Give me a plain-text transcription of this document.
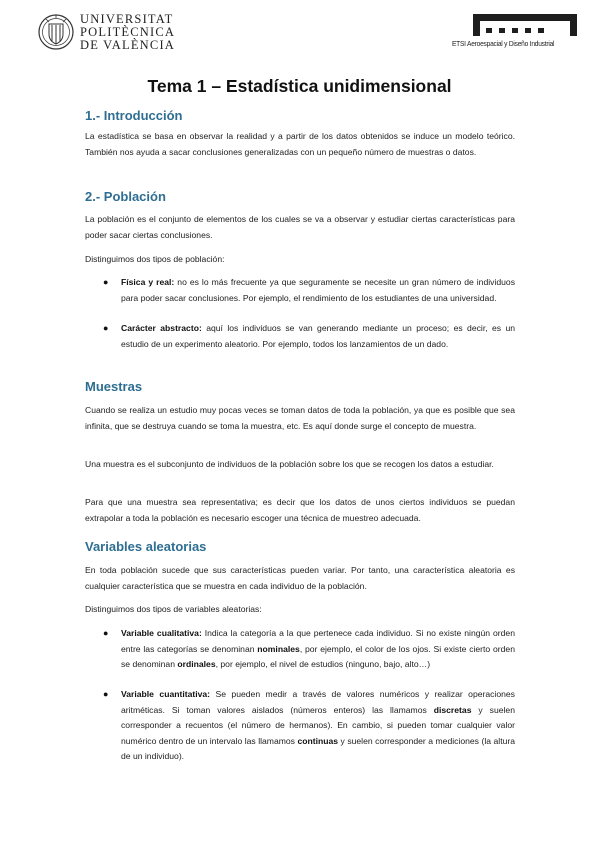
UNIVERSITAT
POLITÈCNICA
DE VALÈNCIA	ETSI Aeroespacial y Diseño Industrial
Tema 1 – Estadística unidimensional
1.- Introducción

La estadística se basa en observar la realidad y a partir de los datos obtenidos se induce un modelo teórico. También nos ayuda a sacar conclusiones generalizadas con un pequeño número de muestras o datos.

2.- Población

La población es el conjunto de elementos de los cuales se va a observar y estudiar ciertas características para poder sacar ciertas conclusiones.

Distinguimos dos tipos de población:

●	Física y real: no es lo más frecuente ya que seguramente se necesite un gran número de individuos para poder sacar conclusiones. Por ejemplo, el rendimiento de los estudiantes de una universidad.

●	Carácter abstracto: aquí los individuos se van generando mediante un proceso; es decir, es un estudio de un experimento aleatorio. Por ejemplo, todos los lanzamientos de un dado.

Muestras

Cuando se realiza un estudio muy pocas veces se toman datos de toda la población, ya que es posible que sea infinita, que se destruya cuando se toma la muestra, etc. Es aquí donde surge el concepto de muestra.

Una muestra es el subconjunto de individuos de la población sobre los que se recogen los datos a estudiar.

Para que una muestra sea representativa; es decir que los datos de unos ciertos individuos se puedan extrapolar a toda la población es necesario escoger una técnica de muestreo adecuada.

Variables aleatorias

En toda población sucede que sus características pueden variar. Por tanto, una característica aleatoria es cualquier característica que se muestra en cada individuo de la población.

Distinguimos dos tipos de variables aleatorias:

●	Variable cualitativa: Indica la categoría a la que pertenece cada individuo. Si no existe ningún orden entre las categorías se denominan nominales, por ejemplo, el color de los ojos. Si existe cierto orden se denominan ordinales, por ejemplo, el nivel de estudios (ninguno, bajo, alto…)

●	Variable cuantitativa: Se pueden medir a través de valores numéricos y realizar operaciones aritméticas. Si toman valores aislados (números enteros) las llamamos discretas y suelen corresponder a recuentos (el número de hermanos). En cambio, si pueden tomar cualquier valor numérico dentro de un intervalo las llamamos continuas y suelen corresponder a mediciones (la altura de un individuo).
